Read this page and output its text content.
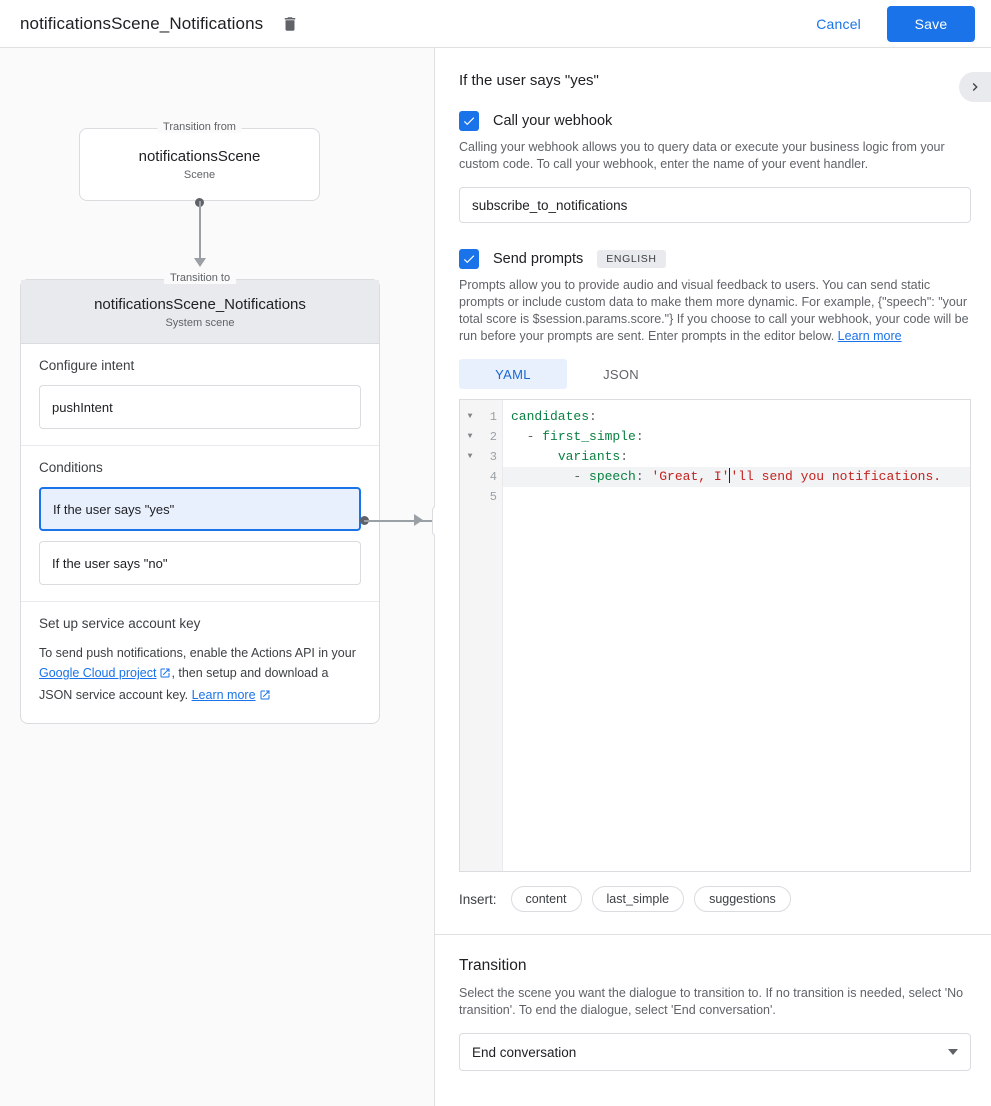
notificationsScene_Notifications	Cancel	Save
Transition from
notificationsScene
Scene
Transition to
notificationsScene_Notifications
System scene
Configure intent
pushIntent
Conditions
If the user says "yes"
If the user says "no"
Set up service account key
To send push notifications, enable the Actions API in your Google Cloud project , then setup and download a JSON service account key. Learn more
If the user says "yes"
Call your webhook

Calling your webhook allows you to query data or execute your business logic from your custom code. To call your webhook, enter the name of your event handler.

subscribe_to_notifications
Send prompts	ENGLISH

Prompts allow you to provide audio and visual feedback to users. You can send static prompts or include custom data to make them more dynamic. For example, {"speech": "your total score is $session.params.score."} If you choose to call your webhook, your code will be run before your prompts are sent. Enter prompts in the editor below. Learn more

YAML	JSON
▼
▼
▼
1
2
3
4
5
candidates:
- first_simple:
variants:
- speech: 'Great, I''ll send you notifications.
Insert:	content	last_simple	suggestions
Transition

Select the scene you want the dialogue to transition to. If no transition is needed, select 'No transition'. To end the dialogue, select 'End conversation'.

End conversation
